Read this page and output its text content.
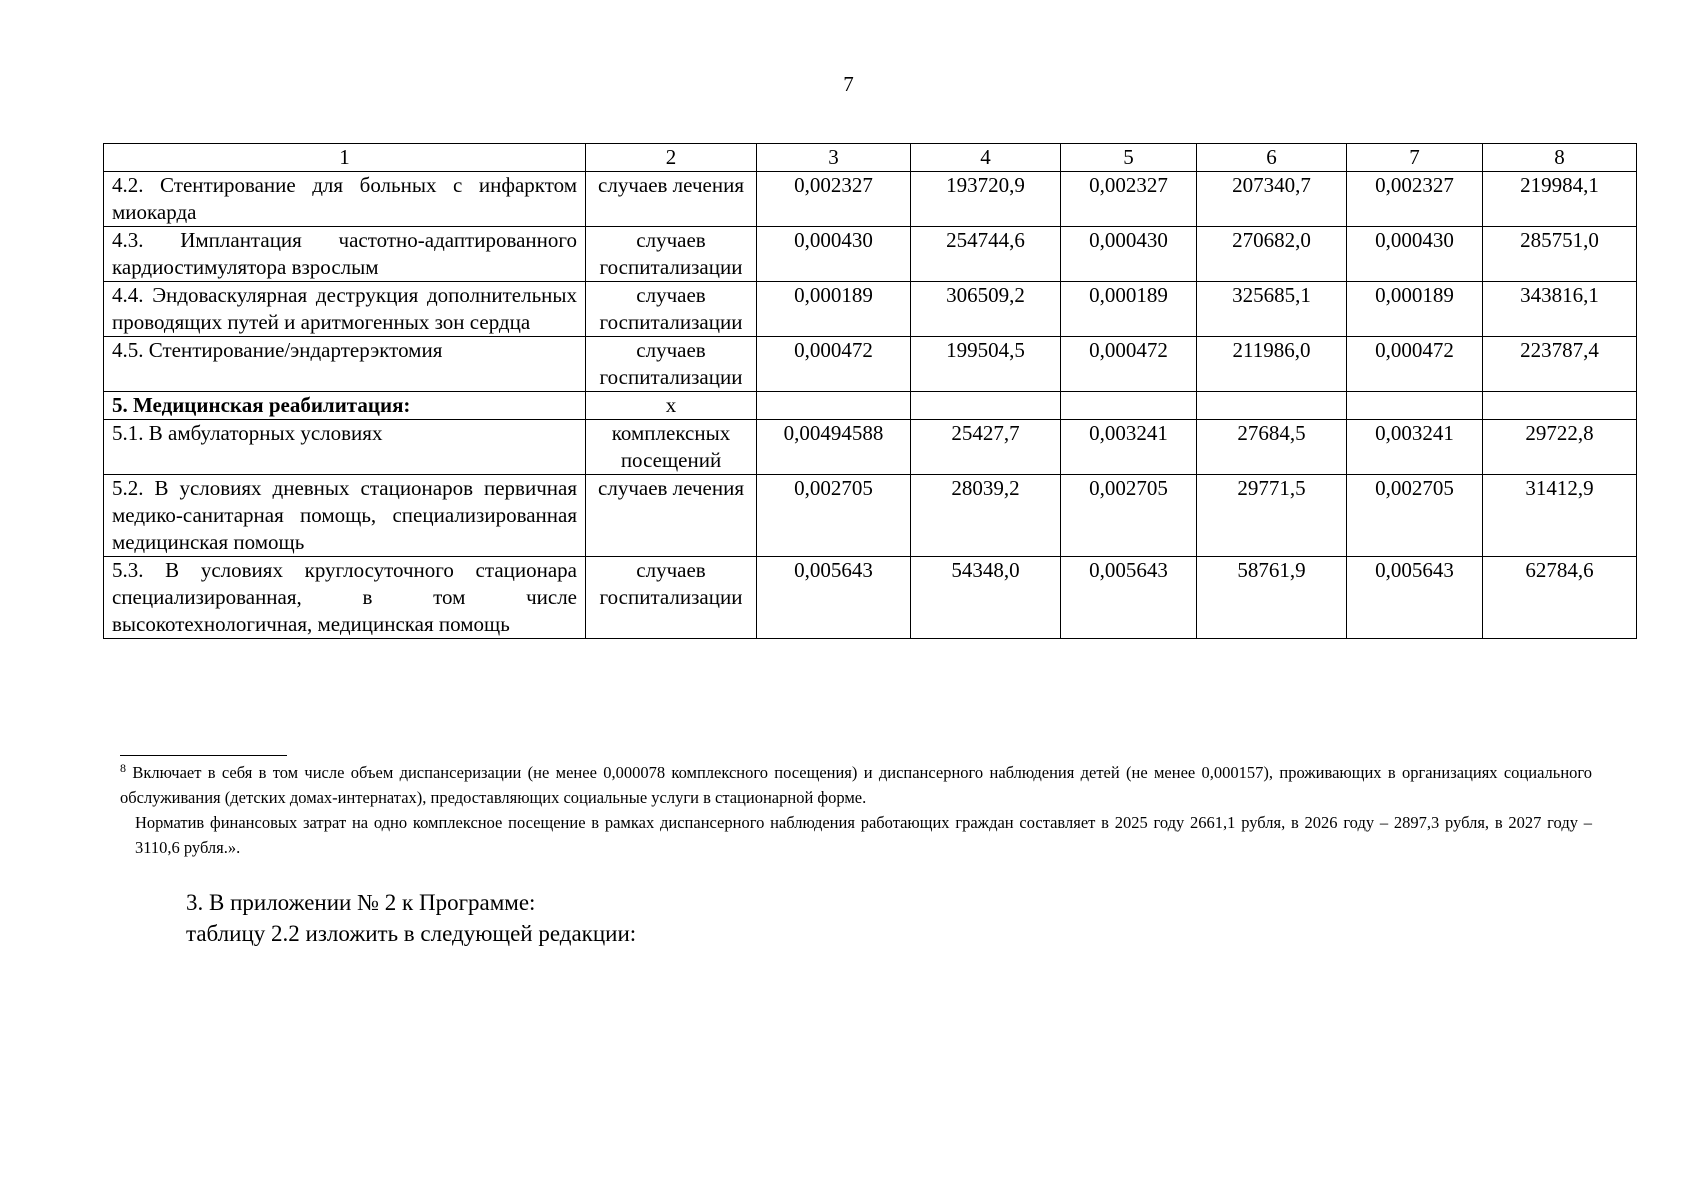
7
1	2	3	4	5	6	7	8
4.2. Стентирование для больных с инфарктом миокарда	случаев лечения	0,002327	193720,9	0,002327	207340,7	0,002327	219984,1
4.3. Имплантация частотно-адаптированного кардиостимулятора взрослым	случаев госпитализации	0,000430	254744,6	0,000430	270682,0	0,000430	285751,0
4.4. Эндоваскулярная деструкция дополнительных проводящих путей и аритмогенных зон сердца	случаев госпитализации	0,000189	306509,2	0,000189	325685,1	0,000189	343816,1
4.5. Стентирование/эндартерэктомия	случаев госпитализации	0,000472	199504,5	0,000472	211986,0	0,000472	223787,4
5. Медицинская реабилитация:	х						
5.1. В амбулаторных условиях	комплексных посещений	0,00494588	25427,7	0,003241	27684,5	0,003241	29722,8
5.2. В условиях дневных стационаров первичная медико-санитарная помощь, специализированная медицинская помощь	случаев лечения	0,002705	28039,2	0,002705	29771,5	0,002705	31412,9
5.3. В условиях круглосуточного стационара специализированная, в том числе высокотехнологичная, медицинская помощь	случаев госпитализации	0,005643	54348,0	0,005643	58761,9	0,005643	62784,6

$^8$ Включает в себя в том числе объем диспансеризации (не менее 0,000078 комплексного посещения) и диспансерного наблюдения детей (не менее 0,000157), проживающих в организациях социального обслуживания (детских домах-интернатах), предоставляющих социальные услуги в стационарной форме.

Норматив финансовых затрат на одно комплексное посещение в рамках диспансерного наблюдения работающих граждан составляет в 2025 году 2661,1 рубля, в 2026 году – 2897,3 рубля, в 2027 году – 3110,6 рубля.».

3. В приложении № 2 к Программе:
таблицу 2.2 изложить в следующей редакции:
